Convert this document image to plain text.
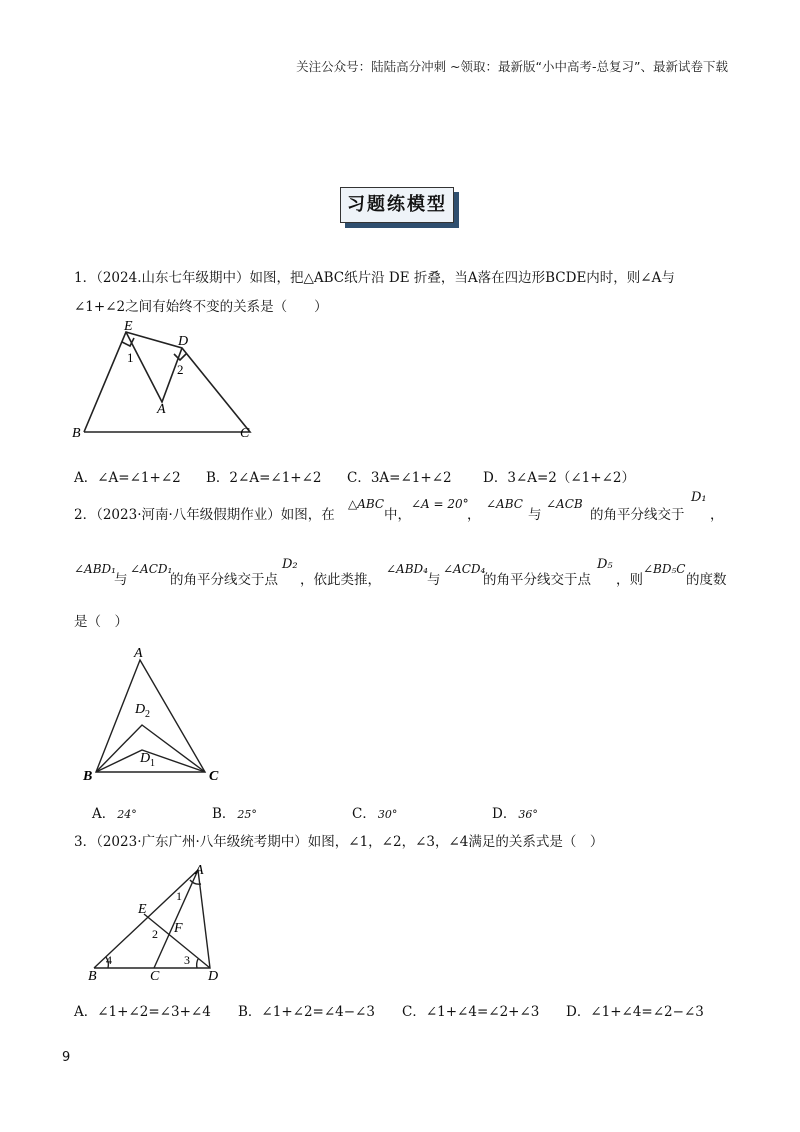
关注公众号：陆陆高分冲刺 ~领取：最新版“小中高考-总复习”、最新试卷下载
习题练模型
1．（2024.山东七年级期中）如图，把△ABC纸片沿 DE 折叠，当A落在四边形BCDE内时，则∠A与
∠1+∠2之间有始终不变的关系是（　　）
E
D
1
2
A
B	C
A．∠A=∠1+∠2 B．2∠A=∠1+∠2 C．3A=∠1+∠2 D．3∠A=2（∠1+∠2）
2．（2023·河南·八年级假期作业）如图，在
△ABC
中，
∠A = 20°
，
∠ABC
与
∠ACB
的角平分线交于
D₁
，
∠ABD₁
与
∠ACD₁
的角平分线交于点
D₂
，依此类推，
∠ABD₄
与
∠ACD₄
的角平分线交于点
D₅
，则
∠BD₅C
的度数
是（　）
A
D 2
D 1
B	C
A． 24°	B． 25°	C． 30°	D． 36°
3．（2023·广东广州·八年级统考期中）如图，∠1，∠2，∠3，∠4满足的关系式是（　）
A
E
F
1
2
3
4
B	C	D
A．∠1+∠2=∠3+∠4 B．∠1+∠2=∠4−∠3 C．∠1+∠4=∠2+∠3 D．∠1+∠4=∠2−∠3
9
